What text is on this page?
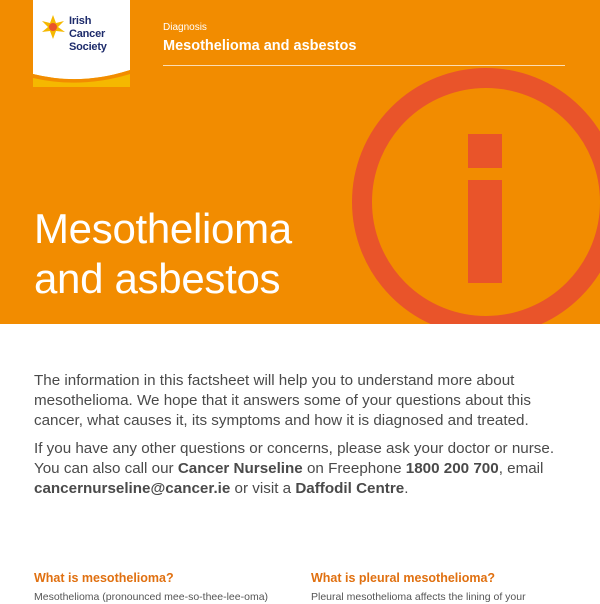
Irish
Cancer
Society
Diagnosis
Mesothelioma and asbestos
Mesothelioma
and asbestos

The information in this factsheet will help you to understand more about mesothelioma. We hope that it answers some of your questions about this cancer, what causes it, its symptoms and how it is diagnosed and treated.

If you have any other questions or concerns, please ask your doctor or nurse. You can also call our Cancer Nurseline on Freephone 1800 200 700, email cancernurseline@cancer.ie or visit a Daffodil Centre.

What is mesothelioma?
Mesothelioma (pronounced mee-so-thee-lee-oma)
What is pleural mesothelioma?
Pleural mesothelioma affects the lining of your
